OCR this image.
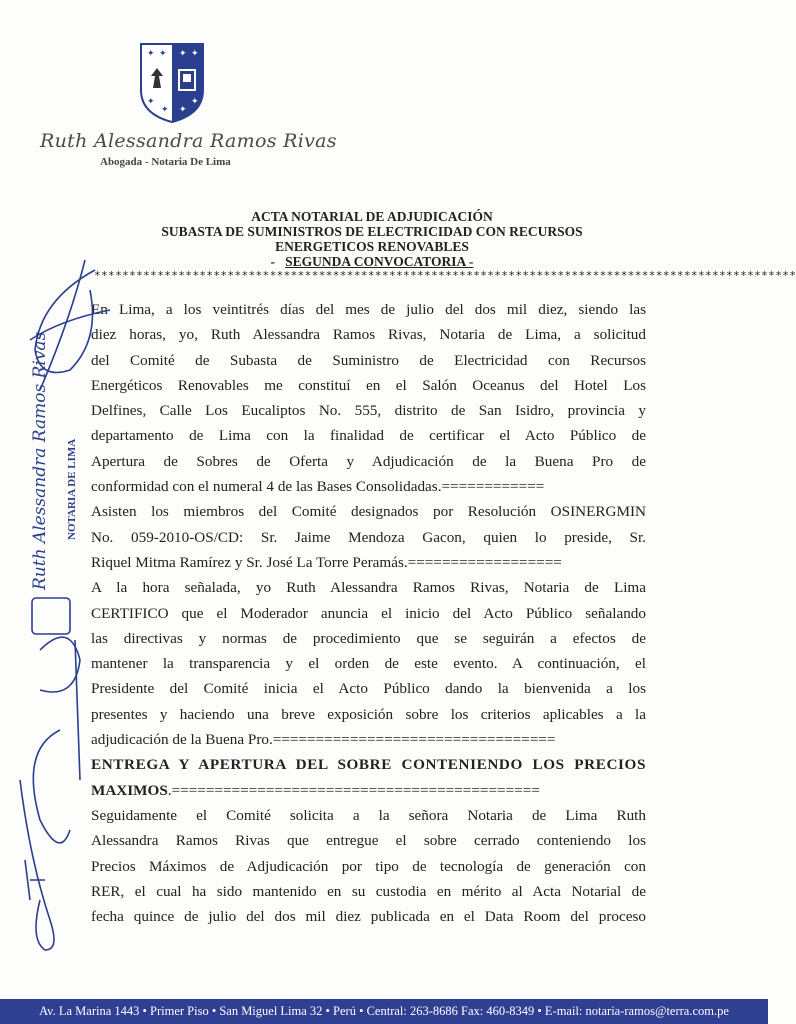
✦ ✦
✦
✦
✦ ✦
✦
✦
Ruth Alessandra Ramos Rivas
Abogada - Notaria De Lima
ACTA NOTARIAL DE ADJUDICACIÓN
SUBASTA DE SUMINISTROS DE ELECTRICIDAD CON RECURSOS
ENERGETICOS RENOVABLES
- SEGUNDA CONVOCATORIA -
****************************************************************************************************
En Lima, a los veintitrés días del mes de julio del dos mil diez, siendo las
diez horas, yo, Ruth Alessandra Ramos Rivas, Notaria de Lima, a solicitud
del Comité de Subasta de Suministro de Electricidad con Recursos
Energéticos Renovables me constituí en el Salón Oceanus del Hotel Los
Delfines, Calle Los Eucaliptos No. 555, distrito de San Isidro, provincia y
departamento de Lima con la finalidad de certificar el Acto Público de
Apertura de Sobres de Oferta y Adjudicación de la Buena Pro de
conformidad con el numeral 4 de las Bases Consolidadas.============
Asisten los miembros del Comité designados por Resolución OSINERGMIN
No. 059-2010-OS/CD: Sr. Jaime Mendoza Gacon, quien lo preside, Sr.
Riquel Mitma Ramírez y Sr. José La Torre Peramás.==================
A la hora señalada, yo Ruth Alessandra Ramos Rivas, Notaria de Lima
CERTIFICO que el Moderador anuncia el inicio del Acto Público señalando
las directivas y normas de procedimiento que se seguirán a efectos de
mantener la transparencia y el orden de este evento. A continuación, el
Presidente del Comité inicia el Acto Público dando la bienvenida a los
presentes y haciendo una breve exposición sobre los criterios aplicables a la
adjudicación de la Buena Pro.=================================
ENTREGA Y APERTURA DEL SOBRE CONTENIENDO LOS PRECIOS
MAXIMOS.===========================================
Seguidamente el Comité solicita a la señora Notaria de Lima Ruth
Alessandra Ramos Rivas que entregue el sobre cerrado conteniendo los
Precios Máximos de Adjudicación por tipo de tecnología de generación con
RER, el cual ha sido mantenido en su custodia en mérito al Acta Notarial de
fecha quince de julio del dos mil diez publicada en el Data Room del proceso
Ruth Alessandra Ramos Rivas NOTARIA DE LIMA
Av. La Marina 1443 • Primer Piso • San Miguel Lima 32 • Perú • Central: 263-8686 Fax: 460-8349 • E-mail: notaria-ramos@terra.com.pe
